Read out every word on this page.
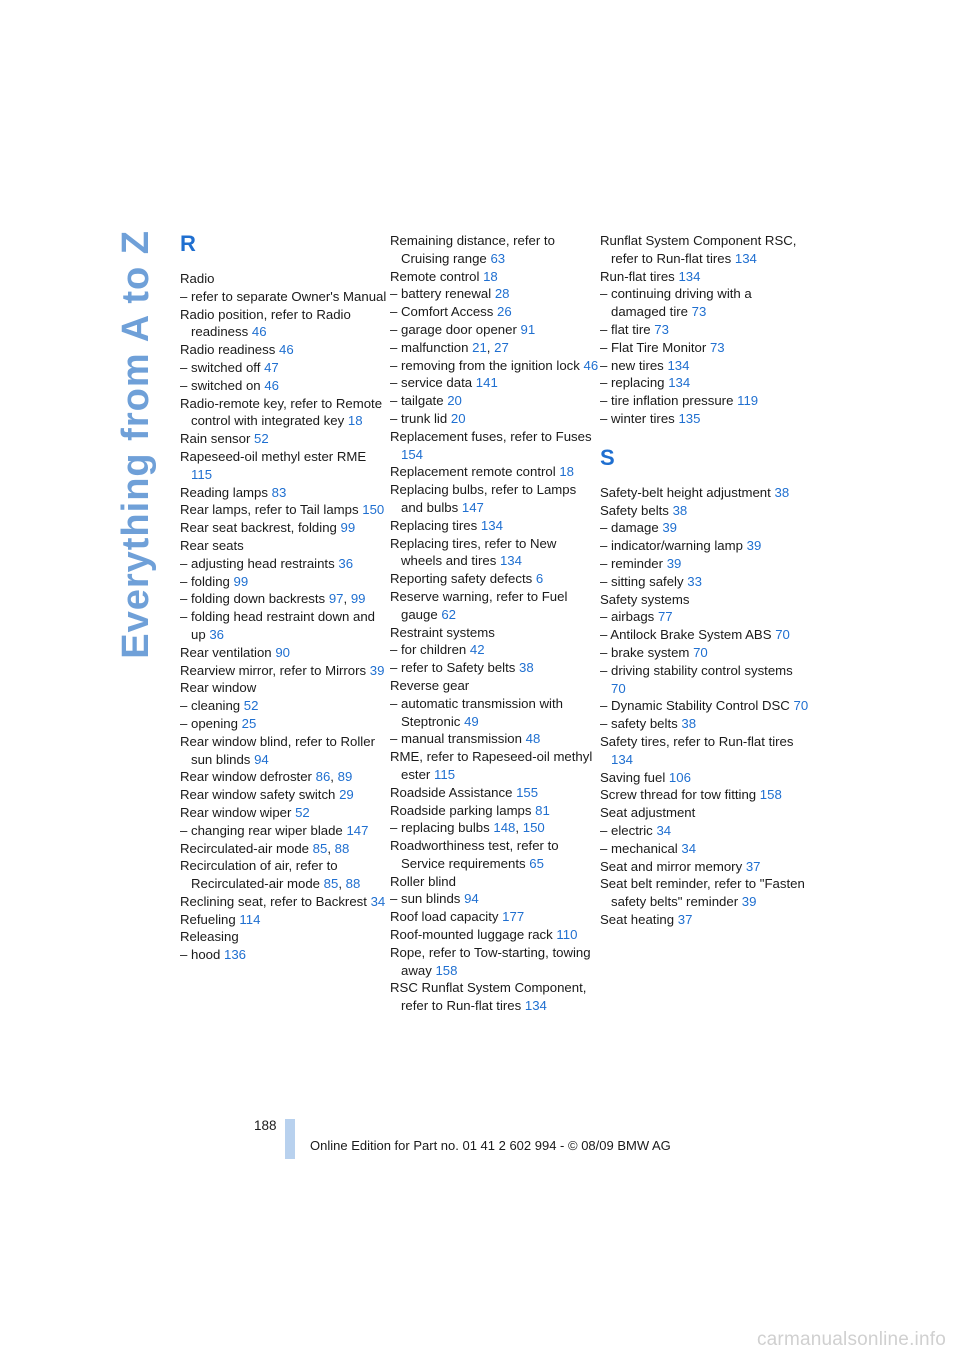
Everything from A to Z R

Radio

– refer to separate Owner's Manual

Radio position, refer to Radio readiness 46

Radio readiness 46

– switched off 47

– switched on 46

Radio-remote key, refer to Remote control with integrated key 18

Rain sensor 52

Rapeseed-oil methyl ester RME 115

Reading lamps 83

Rear lamps, refer to Tail lamps 150

Rear seat backrest, folding 99

Rear seats

– adjusting head restraints 36

– folding 99

– folding down backrests 97, 99

– folding head restraint down and up 36

Rear ventilation 90

Rearview mirror, refer to Mirrors 39

Rear window

– cleaning 52

– opening 25

Rear window blind, refer to Roller sun blinds 94

Rear window defroster 86, 89

Rear window safety switch 29

Rear window wiper 52

– changing rear wiper blade 147

Recirculated-air mode 85, 88

Recirculation of air, refer to Recirculated-air mode 85, 88

Reclining seat, refer to Backrest 34

Refueling 114

Releasing

– hood 136

Remaining distance, refer to Cruising range 63

Remote control 18

– battery renewal 28

– Comfort Access 26

– garage door opener 91

– malfunction 21, 27

– removing from the ignition lock 46

– service data 141

– tailgate 20

– trunk lid 20

Replacement fuses, refer to Fuses 154

Replacement remote control 18

Replacing bulbs, refer to Lamps and bulbs 147

Replacing tires 134

Replacing tires, refer to New wheels and tires 134

Reporting safety defects 6

Reserve warning, refer to Fuel gauge 62

Restraint systems

– for children 42

– refer to Safety belts 38

Reverse gear

– automatic transmission with Steptronic 49

– manual transmission 48

RME, refer to Rapeseed-oil methyl ester 115

Roadside Assistance 155

Roadside parking lamps 81

– replacing bulbs 148, 150

Roadworthiness test, refer to Service requirements 65

Roller blind

– sun blinds 94

Roof load capacity 177

Roof-mounted luggage rack 110

Rope, refer to Tow-starting, towing away 158

RSC Runflat System Component, refer to Run-flat tires 134

Runflat System Component RSC, refer to Run-flat tires 134

Run-flat tires 134

– continuing driving with a damaged tire 73

– flat tire 73

– Flat Tire Monitor 73

– new tires 134

– replacing 134

– tire inflation pressure 119

– winter tires 135

S

Safety-belt height adjustment 38

Safety belts 38

– damage 39

– indicator/warning lamp 39

– reminder 39

– sitting safely 33

Safety systems

– airbags 77

– Antilock Brake System ABS 70

– brake system 70

– driving stability control systems 70

– Dynamic Stability Control DSC 70

– safety belts 38

Safety tires, refer to Run-flat tires 134

Saving fuel 106

Screw thread for tow fitting 158

Seat adjustment

– electric 34

– mechanical 34

Seat and mirror memory 37

Seat belt reminder, refer to "Fasten safety belts" reminder 39

Seat heating 37

188
Online Edition for Part no. 01 41 2 602 994 - © 08/09 BMW AG
carmanualsonline.info
